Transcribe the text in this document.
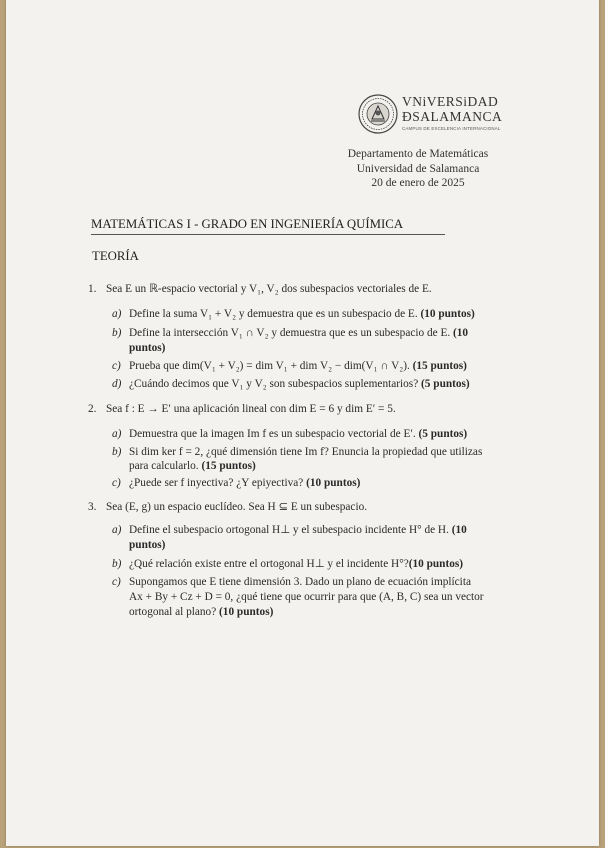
VNiVERSiDAD
ÐSALAMANCA
CAMPUS DE EXCELENCIA INTERNACIONAL
Departamento de Matemáticas
Universidad de Salamanca
20 de enero de 2025
MATEMÁTICAS I - GRADO EN INGENIERÍA QUÍMICA
TEORÍA
1. Sea E un ℝ-espacio vectorial y V₁, V₂ dos subespacios vectoriales de E.
a) Define la suma V₁ + V₂ y demuestra que es un subespacio de E. (10 puntos)
b) Define la intersección V₁ ∩ V₂ y demuestra que es un subespacio de E. (10
puntos)
c) Prueba que dim(V₁ + V₂) = dim V₁ + dim V₂ − dim(V₁ ∩ V₂). (15 puntos)
d) ¿Cuándo decimos que V₁ y V₂ son subespacios suplementarios? (5 puntos)
2. Sea f : E → E′ una aplicación lineal con dim E = 6 y dim E′ = 5.
a) Demuestra que la imagen Im f es un subespacio vectorial de E′. (5 puntos)
b) Si dim ker f = 2, ¿qué dimensión tiene Im f? Enuncia la propiedad que utilizas
para calcularlo. (15 puntos)
c) ¿Puede ser f inyectiva? ¿Y epiyectiva? (10 puntos)
3. Sea (E, g) un espacio euclídeo. Sea H ⊆ E un subespacio.
a) Define el subespacio ortogonal H⊥ y el subespacio incidente H° de H. (10
puntos)
b) ¿Qué relación existe entre el ortogonal H⊥ y el incidente H°?(10 puntos)
c) Supongamos que E tiene dimensión 3. Dado un plano de ecuación implícita
Ax + By + Cz + D = 0, ¿qué tiene que ocurrir para que (A, B, C) sea un vector
ortogonal al plano? (10 puntos)
